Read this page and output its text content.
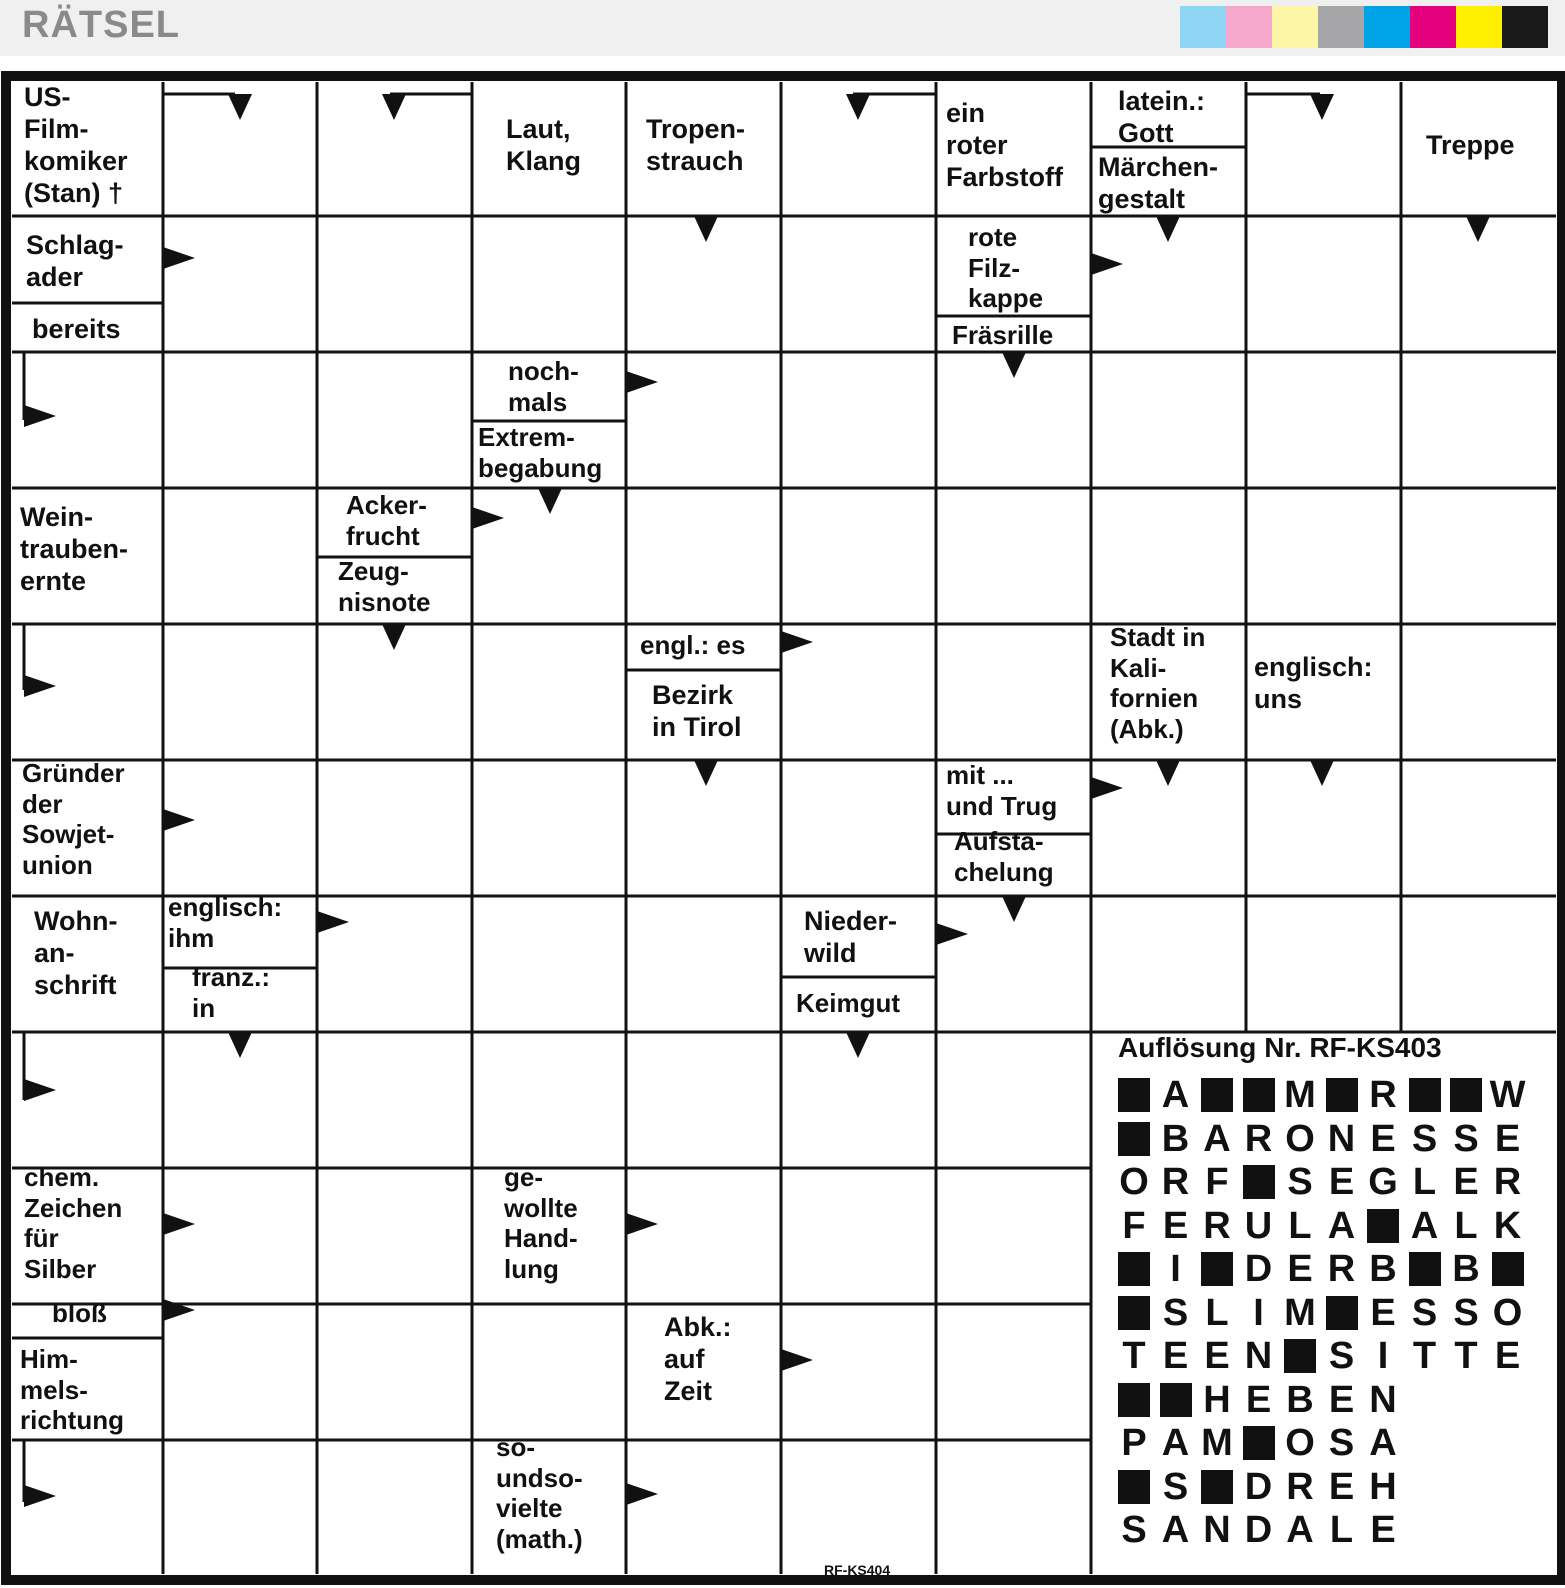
RÄTSEL
US-
Film-
komiker
(Stan) †
Laut,
Klang
Tropen-
strauch
ein
roter
Farbstoff
latein.:
Gott
Märchen-
gestalt
Treppe
Schlag-
ader
bereits
rote
Filz-
kappe
Fräsrille
noch-
mals
Extrem-
begabung
Wein-
trauben-
ernte
Acker-
frucht
Zeug-
nisnote
engl.: es
Bezirk
in Tirol
Stadt in
Kali-
fornien
(Abk.)
englisch:
uns
Gründer
der
Sowjet-
union
mit ...
und Trug
Aufsta-
chelung
Wohn-
an-
schrift
englisch:
ihm
franz.:
in
Nieder-
wild
Keimgut
chem.
Zeichen
für
Silber
ge-
wollte
Hand-
lung
bloß
Him-
mels-
richtung
Abk.:
auf
Zeit
so-
undso-
vielte
(math.)
RF-KS404
Auflösung Nr. RF-KS403
A M R W
B A R O N E S S E
O R F S E G L E R
F E R U L A A L K
I	D E R B B
S L I M E S S O
T E E N S I T T E
H E B E N
P A M O S A
S D R E H
S A N D A L E
